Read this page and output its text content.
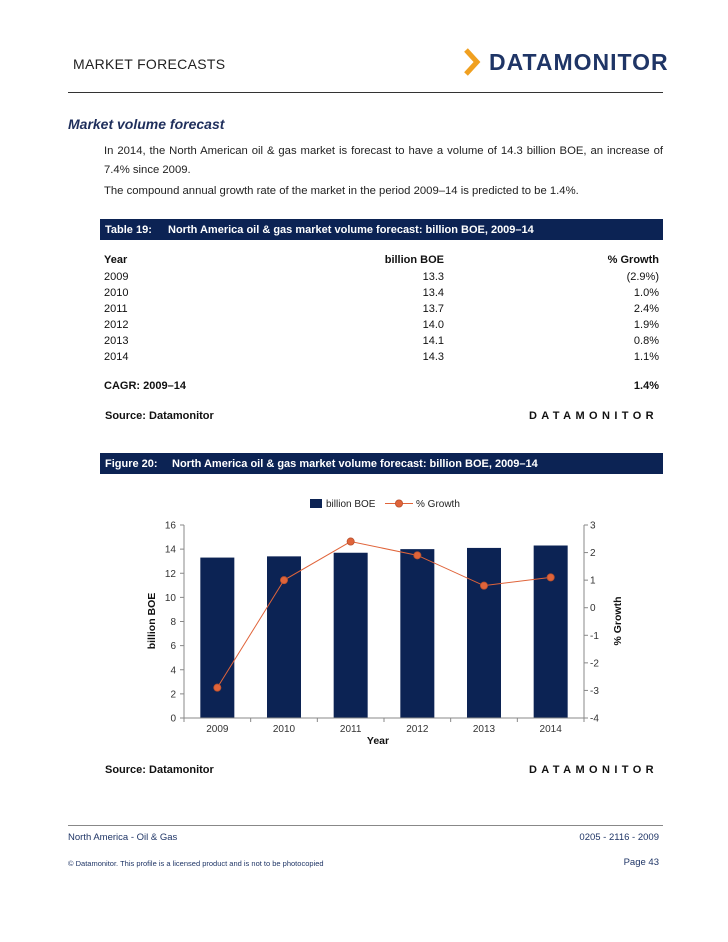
MARKET FORECASTS	DATAMONITOR
Market volume forecast
In 2014, the North American oil & gas market is forecast to have a volume of 14.3 billion BOE, an increase of 7.4% since 2009.
The compound annual growth rate of the market in the period 2009–14 is predicted to be 1.4%.
Table 19:	North America oil & gas market volume forecast: billion BOE, 2009–14
Year	billion BOE	% Growth
2009	13.3	(2.9%)
2010	13.4	1.0%
2011	13.7	2.4%
2012	14.0	1.9%
2013	14.1	0.8%
2014	14.3	1.1%
CAGR: 2009–14	1.4%
Source: Datamonitor	DATAMONITOR
Figure 20:	North America oil & gas market volume forecast: billion BOE, 2009–14
billion BOE	% Growth
0
2
4
6
8
10
12
14
16
-4
-3
-2
-1
0
1
2
3
2009	2010	2011	2012	2013	2014
billion BOE	% Growth
Year
Source: Datamonitor	DATAMONITOR
North America - Oil & Gas	0205 - 2116 - 2009
© Datamonitor. This profile is a licensed product and is not to be photocopied	Page 43
